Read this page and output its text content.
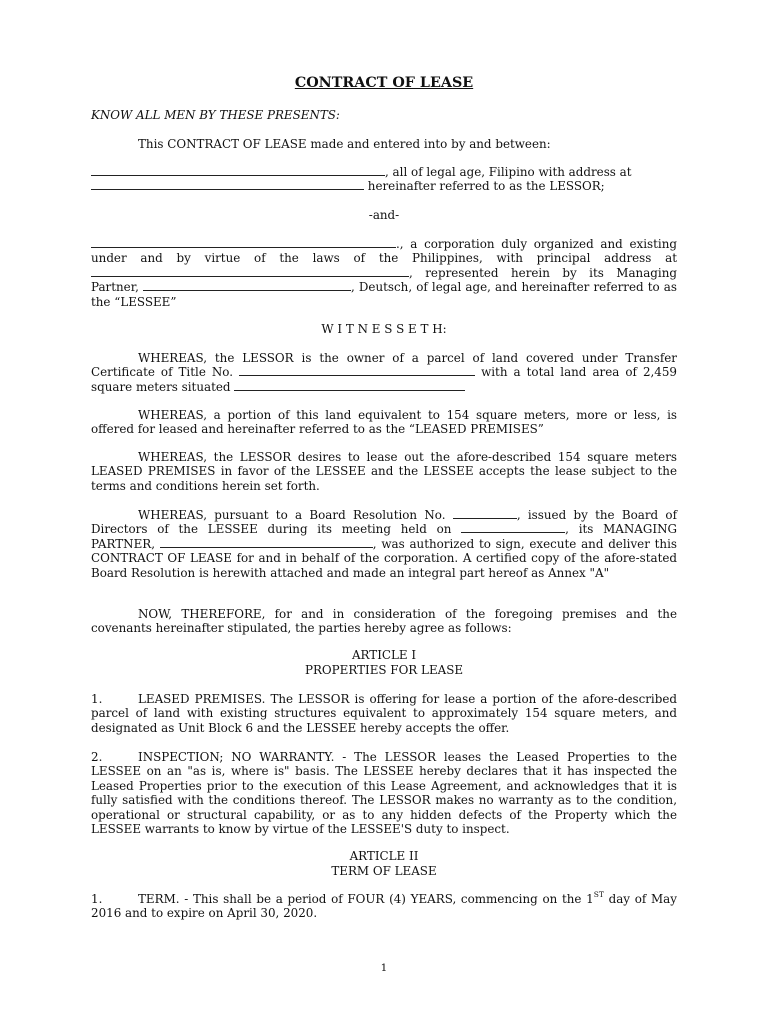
CONTRACT OF LEASE

KNOW ALL MEN BY THESE PRESENTS:

This CONTRACT OF LEASE made and entered into by and between:

, all of legal age, Filipino with address at
hereinafter referred to as the LESSOR;

-and-

., a corporation duly organized and existing under and by virtue of the laws of the Philippines, with principal address at , represented herein by its Managing Partner,	, Deutsch, of legal age, and hereinafter referred to as the “LESSEE”

W I T N E S S E T H:

WHEREAS, the LESSOR is the owner of a parcel of land covered under Transfer Certificate of Title No.	with a total land area of 2,459 square meters situated

WHEREAS, a portion of this land equivalent to 154 square meters, more or less, is offered for leased and hereinafter referred to as the “LEASED PREMISES”

WHEREAS, the LESSOR desires to lease out the afore-described 154 square meters LEASED PREMISES in favor of the LESSEE and the LESSEE accepts the lease subject to the terms and conditions herein set forth.

WHEREAS, pursuant to a Board Resolution No.	, issued by the Board of Directors of the LESSEE during its meeting held on	, its MANAGING PARTNER,	, was authorized to sign, execute and deliver this CONTRACT OF LEASE for and in behalf of the corporation. A certified copy of the afore-stated Board Resolution is herewith attached and made an integral part hereof as Annex "A"

NOW, THEREFORE, for and in consideration of the foregoing premises and the covenants hereinafter stipulated, the parties hereby agree as follows:

ARTICLE I

PROPERTIES FOR LEASE

1.	LEASED PREMISES. The LESSOR is offering for lease a portion of the afore-described parcel of land with existing structures equivalent to approximately 154 square meters, and designated as Unit Block 6 and the LESSEE hereby accepts the offer.

2.	INSPECTION; NO WARRANTY. - The LESSOR leases the Leased Properties to the LESSEE on an "as is, where is" basis. The LESSEE hereby declares that it has inspected the Leased Properties prior to the execution of this Lease Agreement, and acknowledges that it is fully satisfied with the conditions thereof. The LESSOR makes no warranty as to the condition, operational or structural capability, or as to any hidden defects of the Property which the LESSEE warrants to know by virtue of the LESSEE'S duty to inspect.

ARTICLE II

TERM OF LEASE

1.	TERM. - This shall be a period of FOUR (4) YEARS, commencing on the 1ST day of May 2016 and to expire on April 30, 2020.

1
